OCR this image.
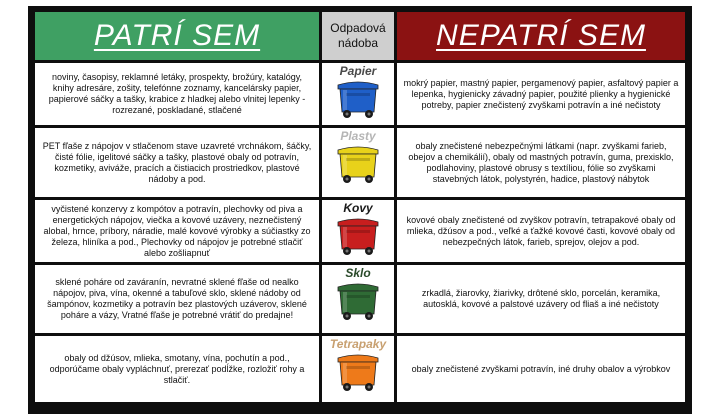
PATRÍ SEM	Odpadová
nádoba NEPATRÍ SEM
noviny, časopisy, reklamné letáky, prospekty, brožúry, katalógy, knihy adresáre, zošity, telefónne zoznamy, kancelársky papier, papierové sáčky a tašky, krabice z hladkej alebo vlnitej lepenky - rozrezané, poskladané, stlačené
Papier
mokrý papier, mastný papier, pergamenový papier, asfaltový papier a lepenka, hygienicky závadný papier, použité plienky a hygienické potreby, papier znečistený zvyškami potravín a iné nečistoty
PET fľaše z nápojov v stlačenom stave uzavreté vrchnákom, šáčky, čisté fólie, igelitové sáčky a tašky, plastové obaly od potravín, kozmetiky, aviváže, pracích a čistiacich prostriedkov, plastové nádoby a pod.
Plasty
obaly znečistené nebezpečnými látkami (napr. zvyškami farieb, obejov a chemikálií), obaly od mastných potravín, guma, prexisklo, podlahoviny, plastové obrusy s textíliou, fólie so zvyškami stavebných látok, polystyrén, hadice, plastový nábytok
vyčistené konzervy z kompótov a potravín, plechovky od piva a energetických nápojov, viečka a kovové uzávery, neznečistený alobal, hrnce, príbory, náradie, malé kovové výrobky a súčiastky zo železa, hliníka a pod., Plechovky od nápojov je potrebné stlačiť alebo zošliapnuť
Kovy
kovové obaly znečistené od zvyškov potravín, tetrapakové obaly od mlieka, džúsov a pod., veľké a ťažké kovové časti, kovové obaly od nebezpečných látok, farieb, sprejov, olejov a pod.
sklené poháre od zaváranín, nevratné sklené fľaše od nealko nápojov, piva, vína, okenné a tabuľové sklo, sklené nádoby od šampónov, kozmetiky a potravín bez plastových uzáverov, sklené poháre a vázy, Vratné fľaše je potrebné vrátiť do predajne!
Sklo
zrkadlá, žiarovky, žiarivky, drôtené sklo, porcelán, keramika, autosklá, kovové a palstové uzávery od fliaš a iné nečistoty
obaly od džúsov, mlieka, smotany, vína, pochutín a pod., odporúčame obaly vypláchnuť, prerezať podĺžke, rozložiť rohy a stlačiť.
Tetrapaky
obaly znečistené zvyškami potravín, iné druhy obalov a výrobkov
